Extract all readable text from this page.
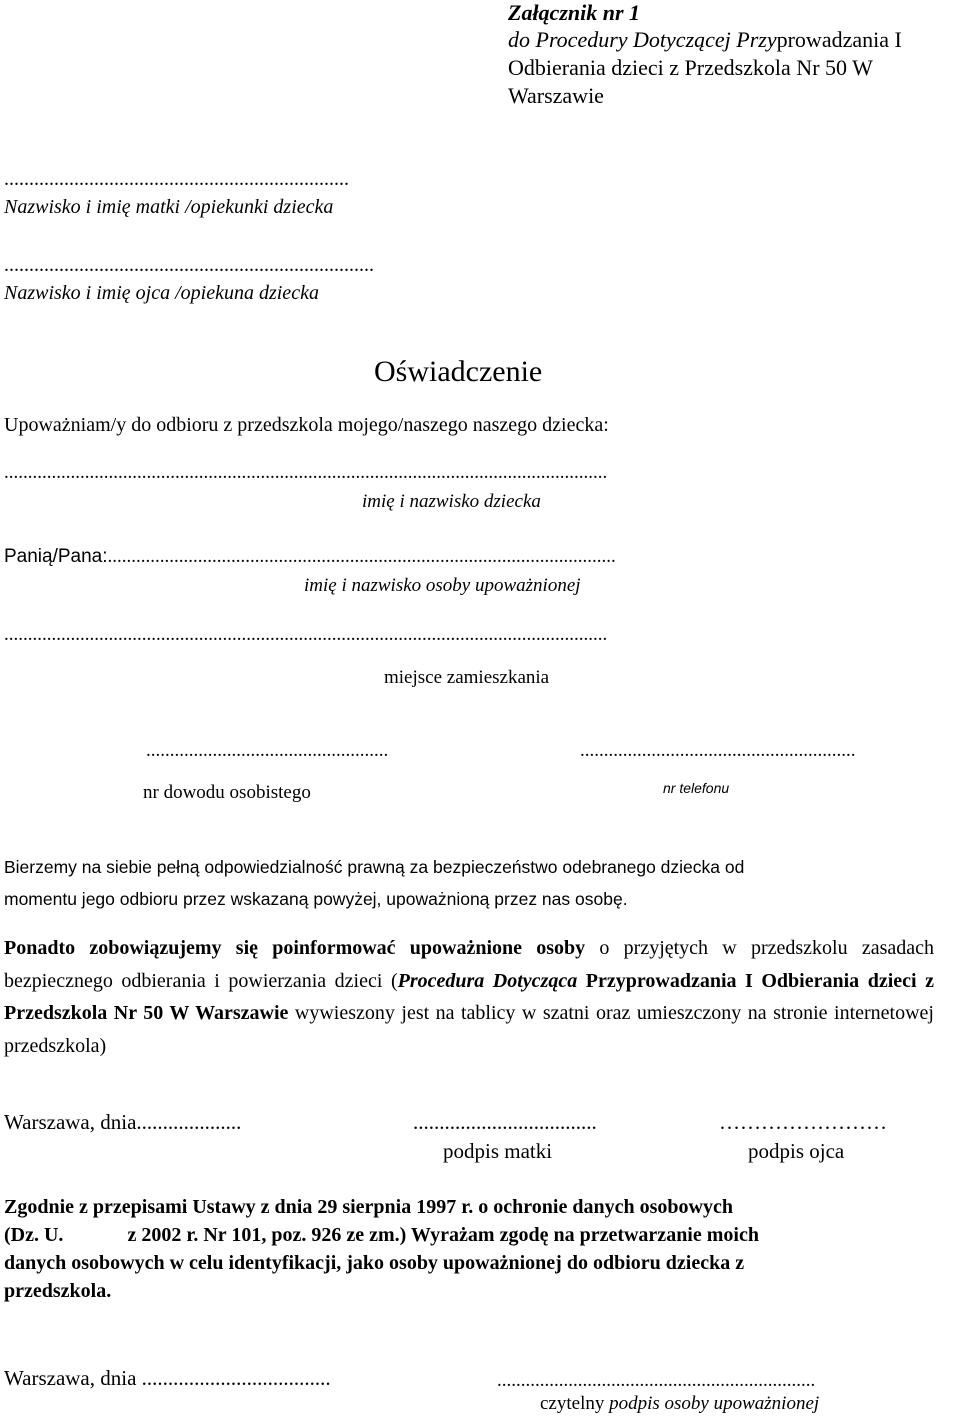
Załącznik nr 1
do Procedury Dotyczącej Przyprowadzania I
Odbierania dzieci z Przedszkola Nr 50 W
Warszawie
.....................................................................
Nazwisko i imię matki /opiekunki dziecka
..........................................................................
Nazwisko i imię ojca /opiekuna dziecka
Oświadczenie
Upoważniam/y do odbioru z przedszkola mojego/naszego naszego dziecka:
...............................................................................................................................
imię i nazwisko dziecka
Panią/Pana:...........................................................................................................
imię i nazwisko osoby upoważnionej
...............................................................................................................................
miejsce zamieszkania
...................................................
nr dowodu osobistego
..........................................................
nr telefonu
Bierzemy na siebie pełną odpowiedzialność prawną za bezpieczeństwo odebranego dziecka od
momentu jego odbioru przez wskazaną powyżej, upoważnioną przez nas osobę.
Ponadto zobowiązujemy się poinformować upoważnione osoby o przyjętych w przedszkolu zasadach bezpiecznego odbierania i powierzania dzieci (Procedura Dotycząca Przyprowadzania I Odbierania dzieci z Przedszkola Nr 50 W Warszawie wywieszony jest na tablicy w szatni oraz umieszczony na stronie internetowej przedszkola)
Warszawa, dnia....................	...................................	……………………
podpis matki	podpis ojca
Zgodnie z przepisami Ustawy z dnia 29 sierpnia 1997 r. o ochronie danych osobowych
(Dz. U.	z 2002 r. Nr 101, poz. 926 ze zm.) Wyrażam zgodę na przetwarzanie moich
danych osobowych w celu identyfikacji, jako osoby upoważnionej do odbioru dziecka z
przedszkola.
Warszawa, dnia ....................................	...................................................................
czytelny podpis osoby upoważnionej
